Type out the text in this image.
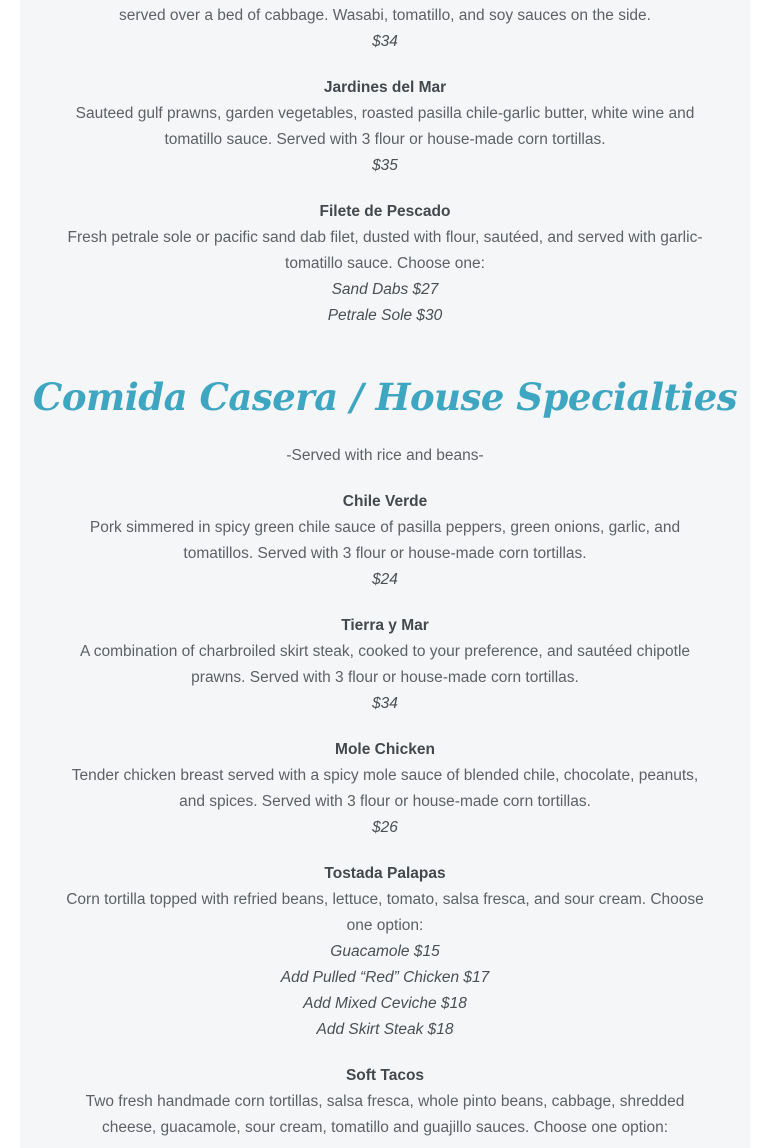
served over a bed of cabbage. Wasabi, tomatillo, and soy sauces on the side.

$34

Jardines del Mar

Sauteed gulf prawns, garden vegetables, roasted pasilla chile-garlic butter, white wine and

tomatillo sauce. Served with 3 flour or house-made corn tortillas.

$35

Filete de Pescado

Fresh petrale sole or pacific sand dab filet, dusted with flour, sautéed, and served with garlic-

tomatillo sauce. Choose one:

Sand Dabs $27

Petrale Sole $30

Comida Casera / House Specialties

-Served with rice and beans-

Chile Verde

Pork simmered in spicy green chile sauce of pasilla peppers, green onions, garlic, and

tomatillos. Served with 3 flour or house-made corn tortillas.

$24

Tierra y Mar

A combination of charbroiled skirt steak, cooked to your preference, and sautéed chipotle

prawns. Served with 3 flour or house-made corn tortillas.

$34

Mole Chicken

Tender chicken breast served with a spicy mole sauce of blended chile, chocolate, peanuts,

and spices. Served with 3 flour or house-made corn tortillas.

$26

Tostada Palapas

Corn tortilla topped with refried beans, lettuce, tomato, salsa fresca, and sour cream. Choose

one option:

Guacamole $15

Add Pulled “Red” Chicken $17

Add Mixed Ceviche $18

Add Skirt Steak $18

Soft Tacos

Two fresh handmade corn tortillas, salsa fresca, whole pinto beans, cabbage, shredded

cheese, guacamole, sour cream, tomatillo and guajillo sauces. Choose one option:
